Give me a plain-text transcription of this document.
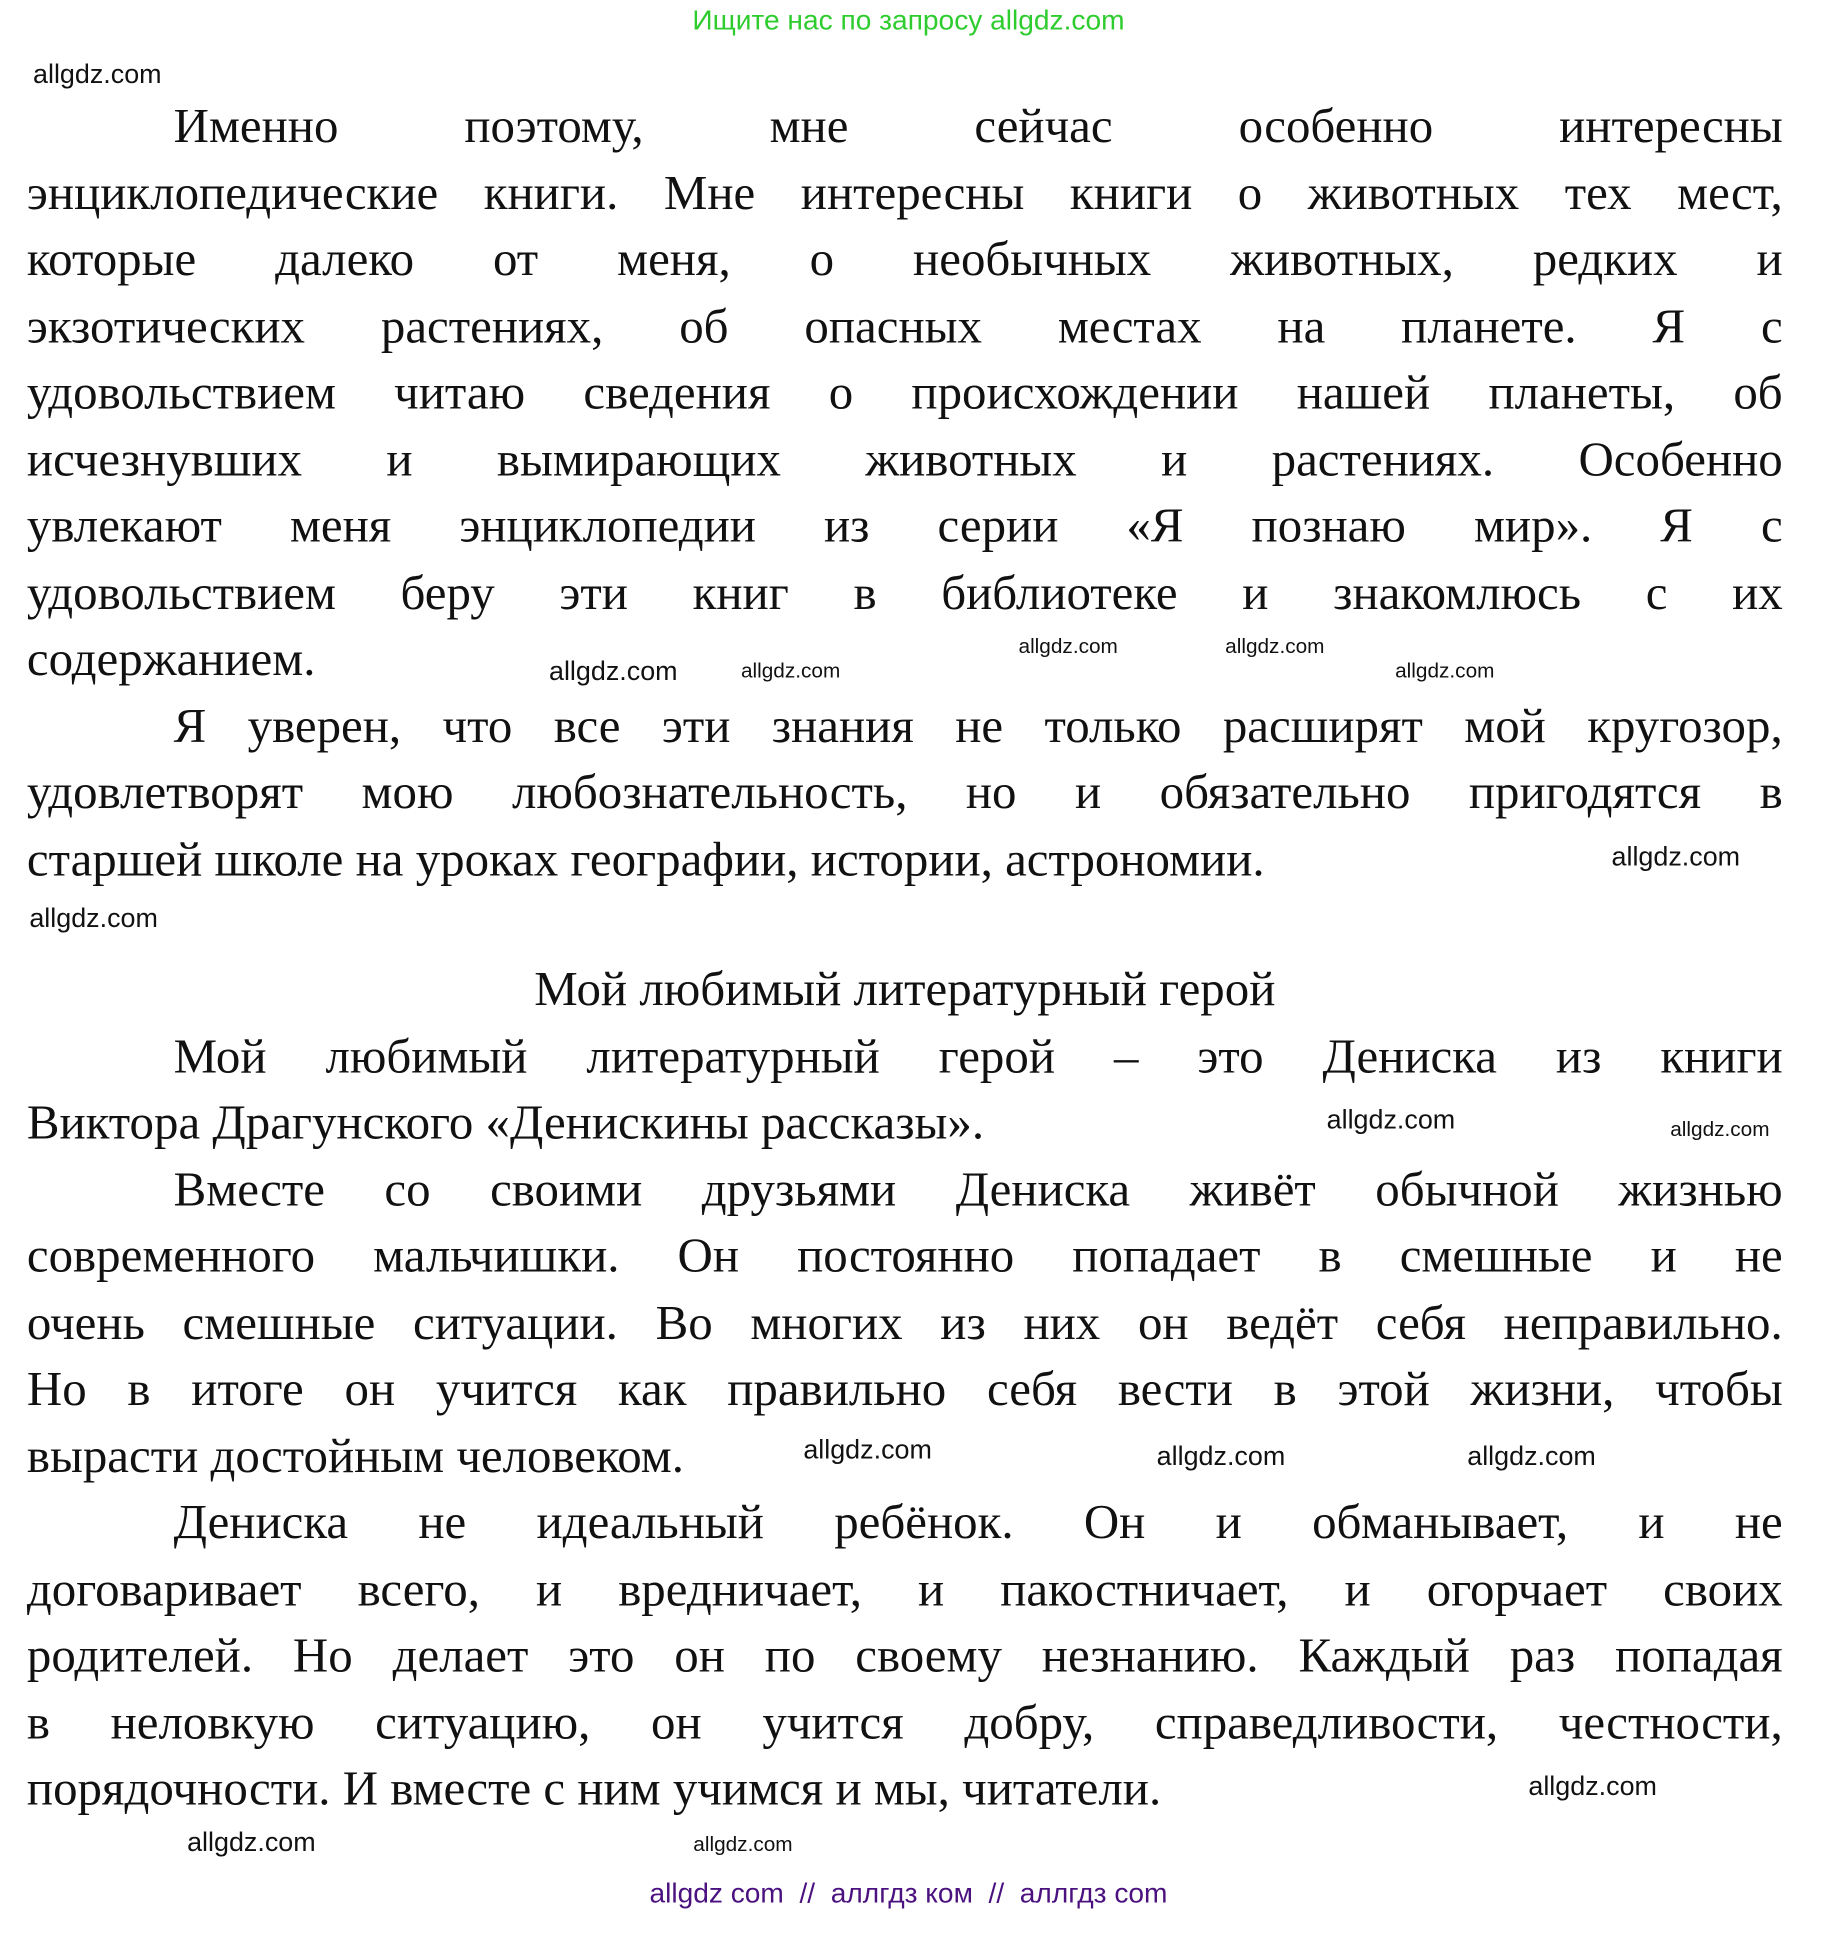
Ищите нас по запросу allgdz.com
Именно поэтому, мне сейчас особенно интересны
энциклопедические книги. Мне интересны книги о животных тех мест,
которые далеко от меня, о необычных животных, редких и
экзотических растениях, об опасных местах на планете. Я с
удовольствием читаю сведения о происхождении нашей планеты, об
исчезнувших и вымирающих животных и растениях. Особенно
увлекают меня энциклопедии из серии «Я познаю мир». Я с
удовольствием беру эти книг в библиотеке и знакомлюсь с их
содержанием.
Я уверен, что все эти знания не только расширят мой кругозор,
удовлетворят мою любознательность, но и обязательно пригодятся в
старшей школе на уроках географии, истории, астрономии.
Мой любимый литературный герой
Мой любимый литературный герой – это Дениска из книги
Виктора Драгунского «Денискины рассказы».
Вместе со своими друзьями Дениска живёт обычной жизнью
современного мальчишки. Он постоянно попадает в смешные и не
очень смешные ситуации. Во многих из них он ведёт себя неправильно.
Но в итоге он учится как правильно себя вести в этой жизни, чтобы
вырасти достойным человеком.
Дениска не идеальный ребёнок. Он и обманывает, и не
договаривает всего, и вредничает, и пакостничает, и огорчает своих
родителей. Но делает это он по своему незнанию. Каждый раз попадая
в неловкую ситуацию, он учится добру, справедливости, честности,
порядочности. И вместе с ним учимся и мы, читатели.
allgdz.com
allgdz.com
allgdz.com	allgdz.com
allgdz.com
allgdz.com
allgdz.com
allgdz.com
allgdz.com	allgdz.com
allgdz.com
allgdz.com	allgdz.com
allgdz.com
allgdz.com
allgdz.com
allgdz com  //  аллгдз ком  //  аллгдз com
